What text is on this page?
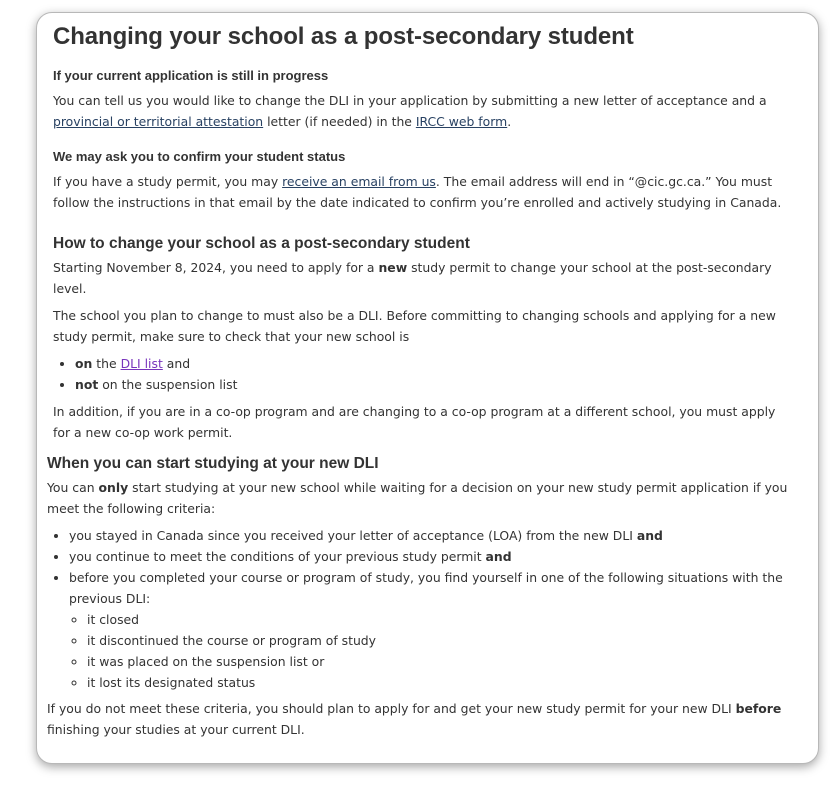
Changing your school as a post-secondary student
If your current application is still in progress

You can tell us you would like to change the DLI in your application by submitting a new letter of acceptance and a
provincial or territorial attestation letter (if needed) in the IRCC web form.

We may ask you to confirm your student status

If you have a study permit, you may receive an email from us. The email address will end in “@cic.gc.ca.” You must follow the instructions in that email by the date indicated to confirm you’re enrolled and actively studying in Canada.

How to change your school as a post-secondary student

Starting November 8, 2024, you need to apply for a new study permit to change your school at the post-secondary level.

The school you plan to change to must also be a DLI. Before committing to changing schools and applying for a new study permit, make sure to check that your new school is

• on the DLI list and
• not on the suspension list

In addition, if you are in a co-op program and are changing to a co-op program at a different school, you must apply for a new co-op work permit.

When you can start studying at your new DLI

You can only start studying at your new school while waiting for a decision on your new study permit application if you meet the following criteria:

• you stayed in Canada since you received your letter of acceptance (LOA) from the new DLI and
• you continue to meet the conditions of your previous study permit and
• before you completed your course or program of study, you find yourself in one of the following situations with the previous DLI:
◦ it closed
◦ it discontinued the course or program of study
◦ it was placed on the suspension list or
◦ it lost its designated status

If you do not meet these criteria, you should plan to apply for and get your new study permit for your new DLI before finishing your studies at your current DLI.
